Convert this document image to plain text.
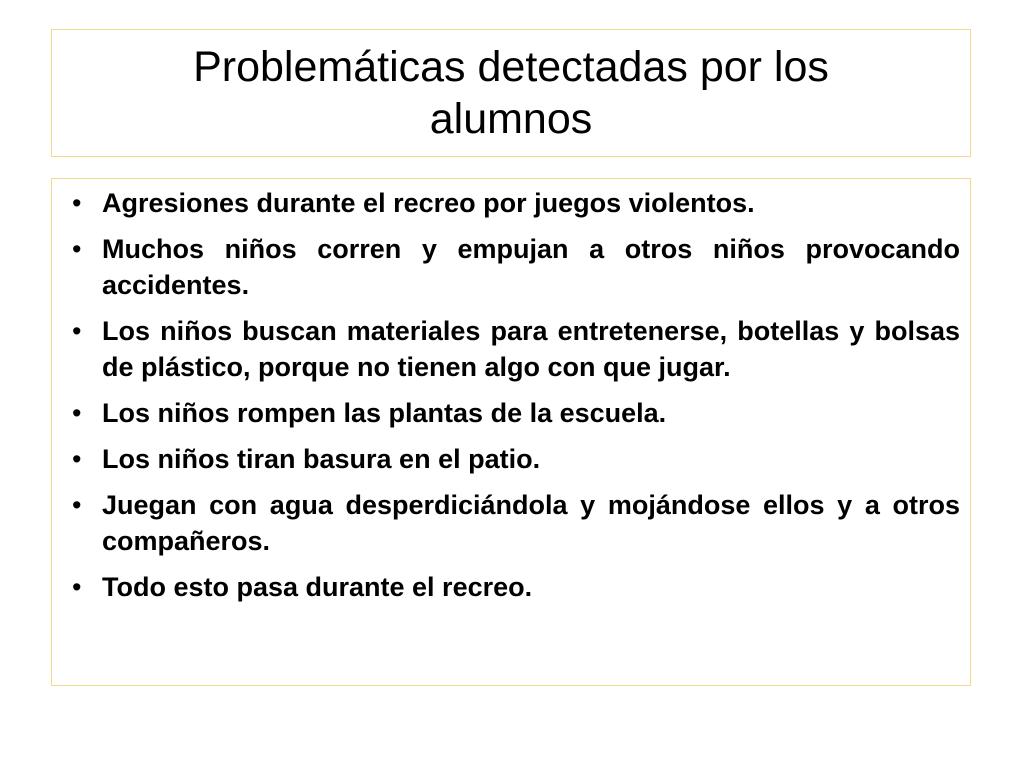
Problemáticas detectadas por los alumnos
• Agresiones durante el recreo por juegos violentos.
• Muchos niños corren y empujan a otros niños provocando accidentes.
• Los niños buscan materiales para entretenerse, botellas y bolsas de plástico, porque no tienen algo con que jugar.
• Los niños rompen las plantas de la escuela.
• Los niños tiran basura en el patio.
• Juegan con agua desperdiciándola y mojándose ellos y a otros compañeros.
• Todo esto pasa durante el recreo.
